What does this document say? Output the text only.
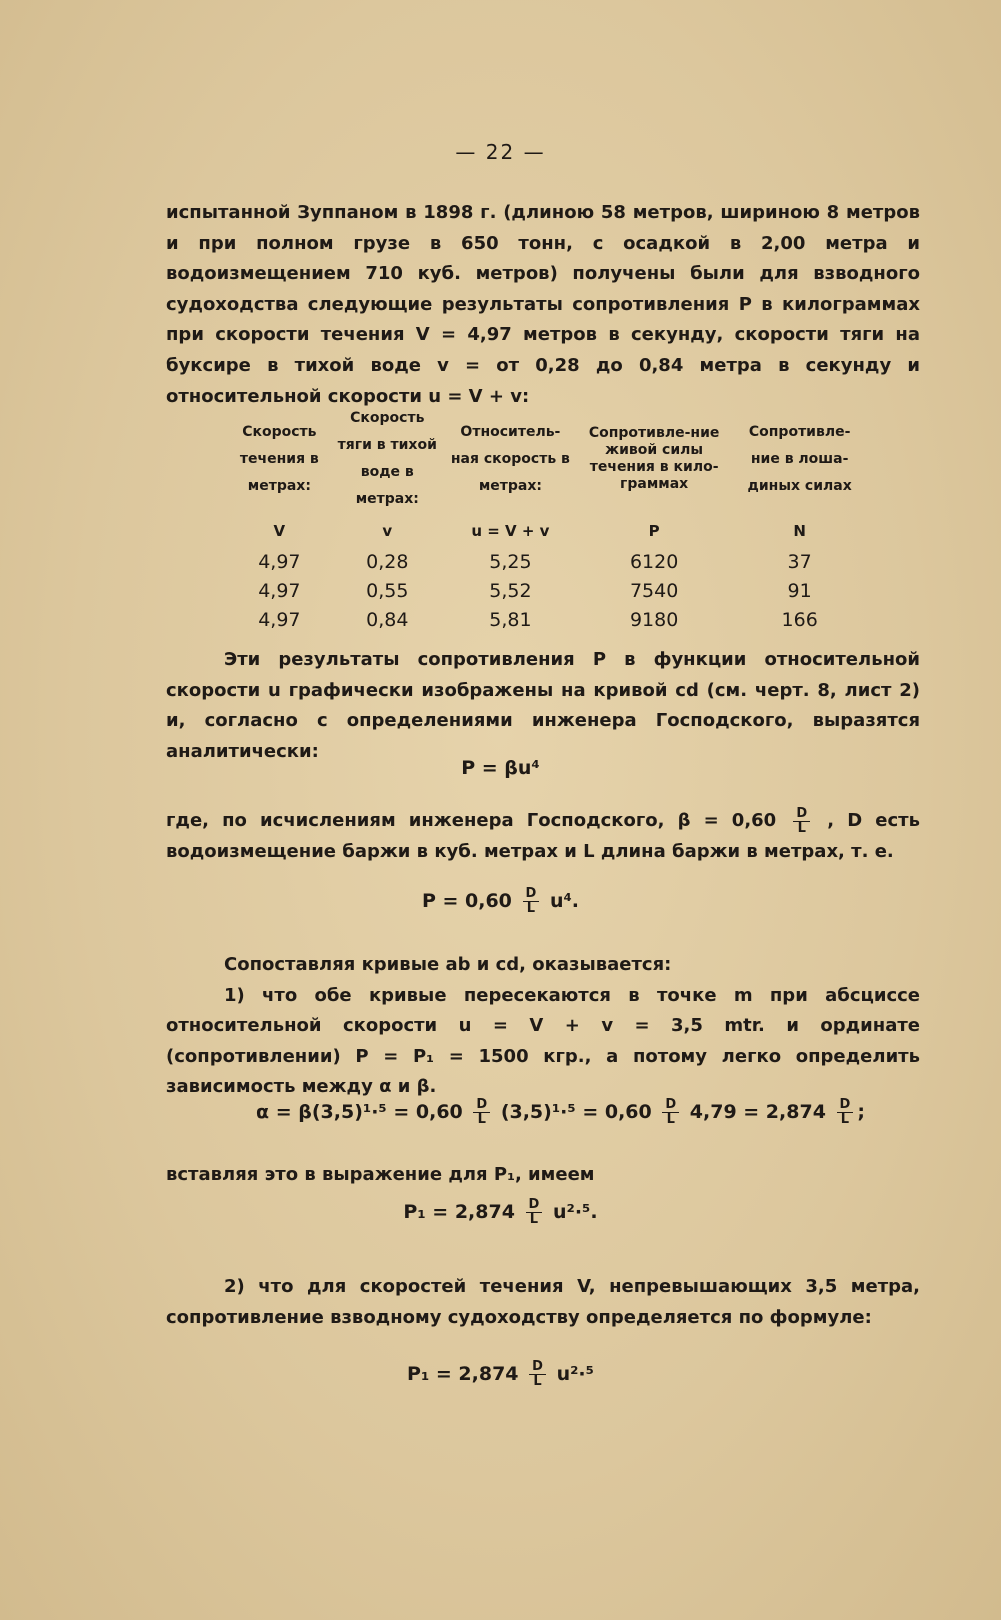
— 22 —
испытанной Зуппаном в 1898 г. (длиною 58 метров, шириною 8 метров и при полном грузе в 650 тонн, с осадкой в 2,00 метра и водоизмещением 710 куб. метров) получены были для взводного судоходства следующие результаты сопротивления P в килограммах при скорости течения V = 4,97 метров в секунду, скорости тяги на буксире в тихой воде v = от 0,28 до 0,84 метра в секунду и относительной скорости u = V + v:
Скорость течения в метрах:	Скорость тяги в тихой воде в метрах:	Относитель-ная скорость в метрах:	Сопротивле-ние живой силы течения в кило-граммах	Сопротивле-ние в лоша-диных силах
V	v	u = V + v	P	N
4,97	0,28	5,25	6120	37
4,97	0,55	5,52	7540	91
4,97	0,84	5,81	9180	166
Эти результаты сопротивления P в функции относительной скорости u графически изображены на кривой cd (см. черт. 8, лист 2) и, согласно с определениями инженера Господского, выразятся аналитически:
P = βu⁴
где, по исчислениям инженера Господского, $\beta = 0,60 \frac{D}{L}$ , D есть водоизмещение баржи в куб. метрах и L длина баржи в метрах, т. е.
$P = 0,60 \frac{D}{L} u^4$.
Сопоставляя кривые ab и cd, оказывается:
1) что обе кривые пересекаются в точке m при абсциссе относительной скорости u = V + v = 3,5 mtr. и ординате (сопротивлении) P = P₁ = 1500 кгр., а потому легко определить зависимость между α и β.
$\alpha = \beta(3,5)^1\cdot^5 = 0,60 \frac{D}{L} (3,5)^1\cdot^5 = 0,60 \frac{D}{L} 4,79 = 2,874 \frac{D}{L}$ ;
вставляя это в выражение для P₁, имеем
$P_1 = 2,874 \frac{D}{L} u^2\cdot^5$.
2) что для скоростей течения V, непревышающих 3,5 метра, сопротивление взводному судоходству определяется по формуле:
$P_1 = 2,874 \frac{D}{L} u^2\cdot^5$
